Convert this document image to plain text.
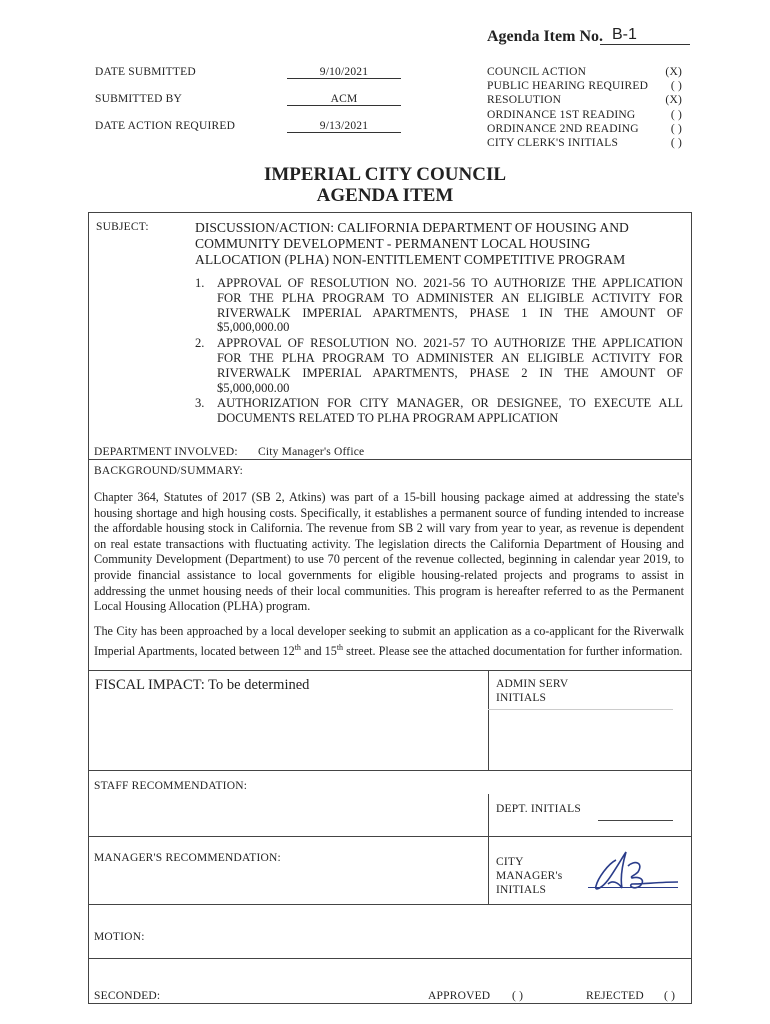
Agenda Item No. B-1
DATE SUBMITTED	9/10/2021
SUBMITTED BY	ACM
DATE ACTION REQUIRED	9/13/2021
COUNCIL ACTION	(X)
PUBLIC HEARING REQUIRED ( )
RESOLUTION	(X)
ORDINANCE 1ST READING	( )
ORDINANCE 2ND READING	( )
CITY CLERK'S INITIALS	( )
IMPERIAL CITY COUNCIL
AGENDA ITEM
SUBJECT:	DISCUSSION/ACTION: CALIFORNIA DEPARTMENT OF HOUSING AND COMMUNITY DEVELOPMENT - PERMANENT LOCAL HOUSING ALLOCATION (PLHA) NON-ENTITLEMENT COMPETITIVE PROGRAM
1. APPROVAL OF RESOLUTION NO. 2021-56 TO AUTHORIZE THE APPLICATION FOR THE PLHA PROGRAM TO ADMINISTER AN ELIGIBLE ACTIVITY FOR RIVERWALK IMPERIAL APARTMENTS, PHASE 1 IN THE AMOUNT OF $5,000,000.00
2. APPROVAL OF RESOLUTION NO. 2021-57 TO AUTHORIZE THE APPLICATION FOR THE PLHA PROGRAM TO ADMINISTER AN ELIGIBLE ACTIVITY FOR RIVERWALK IMPERIAL APARTMENTS, PHASE 2 IN THE AMOUNT OF $5,000,000.00
3. AUTHORIZATION FOR CITY MANAGER, OR DESIGNEE, TO EXECUTE ALL DOCUMENTS RELATED TO PLHA PROGRAM APPLICATION
DEPARTMENT INVOLVED: City Manager's Office
BACKGROUND/SUMMARY:
Chapter 364, Statutes of 2017 (SB 2, Atkins) was part of a 15-bill housing package aimed at addressing the state's housing shortage and high housing costs. Specifically, it establishes a permanent source of funding intended to increase the affordable housing stock in California. The revenue from SB 2 will vary from year to year, as revenue is dependent on real estate transactions with fluctuating activity. The legislation directs the California Department of Housing and Community Development (Department) to use 70 percent of the revenue collected, beginning in calendar year 2019, to provide financial assistance to local governments for eligible housing-related projects and programs to assist in addressing the unmet housing needs of their local communities. This program is hereafter referred to as the Permanent Local Housing Allocation (PLHA) program.
The City has been approached by a local developer seeking to submit an application as a co-applicant for the Riverwalk Imperial Apartments, located between 12th and 15th street. Please see the attached documentation for further information.
FISCAL IMPACT: To be determined	ADMIN SERV
INITIALS
STAFF RECOMMENDATION:
DEPT. INITIALS
MANAGER'S RECOMMENDATION:	CITY
MANAGER's
INITIALS
MOTION:
SECONDED:	APPROVED ( )	REJECTED ( )
